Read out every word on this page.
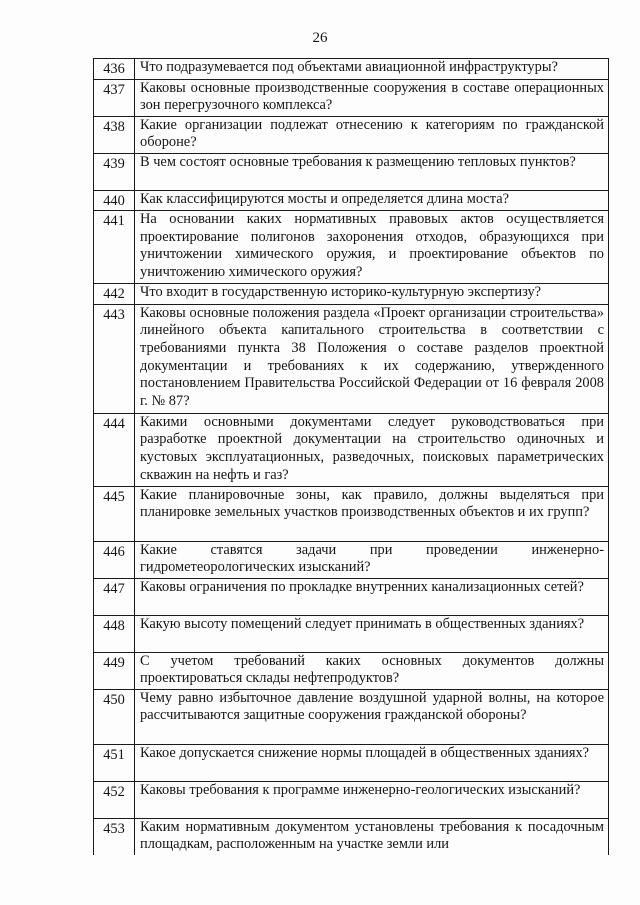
26
436	Что подразумевается под объектами авиационной инфраструктуры?
437	Каковы основные производственные сооружения в составе операционных зон перегрузочного комплекса?
438	Какие организации подлежат отнесению к категориям по гражданской обороне?
439	В чем состоят основные требования к размещению тепловых пунктов?
440	Как классифицируются мосты и определяется длина моста?
441	На основании каких нормативных правовых актов осуществляется проектирование полигонов захоронения отходов, образующихся при уничтожении химического оружия, и проектирование объектов по уничтожению химического оружия?
442	Что входит в государственную историко-культурную экспертизу?
443	Каковы основные положения раздела «Проект организации строительства» линейного объекта капитального строительства в соответствии с требованиями пункта 38 Положения о составе разделов проектной документации и требованиях к их содержанию, утвержденного постановлением Правительства Российской Федерации от 16 февраля 2008 г. № 87?
444	Какими основными документами следует руководствоваться при разработке проектной документации на строительство одиночных и кустовых эксплуатационных, разведочных, поисковых параметрических скважин на нефть и газ?
445	Какие планировочные зоны, как правило, должны выделяться при планировке земельных участков производственных объектов и их групп?
446	Какие ставятся задачи при проведении инженерно-гидрометеорологических изысканий?
447	Каковы ограничения по прокладке внутренних канализационных сетей?
448	Какую высоту помещений следует принимать в общественных зданиях?
449	С учетом требований каких основных документов должны проектироваться склады нефтепродуктов?
450	Чему равно избыточное давление воздушной ударной волны, на которое рассчитываются защитные сооружения гражданской обороны?
451	Какое допускается снижение нормы площадей в общественных зданиях?
452	Каковы требования к программе инженерно-геологических изысканий?
453	Каким нормативным документом установлены требования к посадочным площадкам, расположенным на участке земли или
